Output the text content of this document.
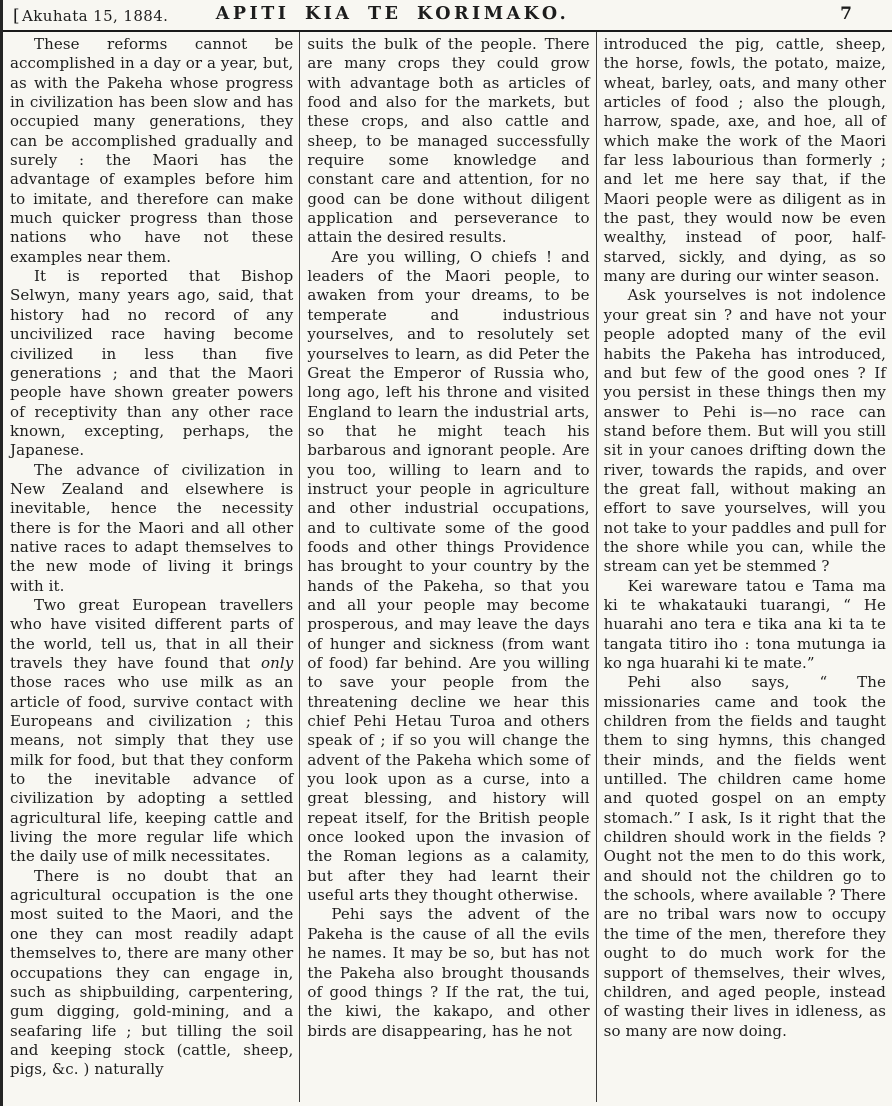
[ Akuhata 15, 1884.	APITI KIA TE KORIMAKO.	7

These reforms cannot be accomplished in a day or a year, but, as with the Pakeha whose progress in civilization has been slow and has occupied many generations, they can be accomplished gradually and surely : the Maori has the advantage of examples before him to imitate, and therefore can make much quicker progress than those nations who have not these examples near them.

It is reported that Bishop Selwyn, many years ago, said, that history had no record of any uncivilized race having become civilized in less than five generations ; and that the Maori people have shown greater powers of receptivity than any other race known, excepting, perhaps, the Japanese.

The advance of civilization in New Zealand and elsewhere is inevitable, hence the necessity there is for the Maori and all other native races to adapt themselves to the new mode of living it brings with it.

Two great European travellers who have visited different parts of the world, tell us, that in all their travels they have found that only those races who use milk as an article of food, survive contact with Europeans and civilization ; this means, not simply that they use milk for food, but that they conform to the inevitable advance of civilization by adopting a settled agricultural life, keeping cattle and living the more regular life which the daily use of milk necessitates.

There is no doubt that an agricultural occupation is the one most suited to the Maori, and the one they can most readily adapt themselves to, there are many other occupations they can engage in, such as shipbuilding, carpentering, gum digging, gold-mining, and a seafaring life ; but tilling the soil and keeping stock (cattle, sheep, pigs, &c. ) naturally

suits the bulk of the people. There are many crops they could grow with advantage both as articles of food and also for the markets, but these crops, and also cattle and sheep, to be managed successfully require some knowledge and constant care and attention, for no good can be done without diligent application and perseverance to attain the desired results.

Are you willing, O chiefs ! and leaders of the Maori people, to awaken from your dreams, to be temperate and industrious yourselves, and to resolutely set yourselves to learn, as did Peter the Great the Emperor of Russia who, long ago, left his throne and visited England to learn the industrial arts, so that he might teach his barbarous and ignorant people. Are you too, willing to learn and to instruct your people in agriculture and other industrial occupations, and to cultivate some of the good foods and other things Providence has brought to your country by the hands of the Pakeha, so that you and all your people may become prosperous, and may leave the days of hunger and sickness (from want of food) far behind. Are you willing to save your people from the threatening decline we hear this chief Pehi Hetau Turoa and others speak of ; if so you will change the advent of the Pakeha which some of you look upon as a curse, into a great blessing, and history will repeat itself, for the British people once looked upon the invasion of the Roman legions as a calamity, but after they had learnt their useful arts they thought otherwise.

Pehi says the advent of the Pakeha is the cause of all the evils he names. It may be so, but has not the Pakeha also brought thousands of good things ? If the rat, the tui, the kiwi, the kakapo, and other birds are disappearing, has he not

introduced the pig, cattle, sheep, the horse, fowls, the potato, maize, wheat, barley, oats, and many other articles of food ; also the plough, harrow, spade, axe, and hoe, all of which make the work of the Maori far less labourious than formerly ; and let me here say that, if the Maori people were as diligent as in the past, they would now be even wealthy, instead of poor, half-starved, sickly, and dying, as so many are during our winter season.

Ask yourselves is not indolence your great sin ? and have not your people adopted many of the evil habits the Pakeha has introduced, and but few of the good ones ? If you persist in these things then my answer to Pehi is—no race can stand before them. But will you still sit in your canoes drifting down the river, towards the rapids, and over the great fall, without making an effort to save yourselves, will you not take to your paddles and pull for the shore while you can, while the stream can yet be stemmed ?

Kei wareware tatou e Tama ma ki te whakatauki tuarangi, “ He huarahi ano tera e tika ana ki ta te tangata titiro iho : tona mutunga ia ko nga huarahi ki te mate.”

Pehi also says, “ The missionaries came and took the children from the fields and taught them to sing hymns, this changed their minds, and the fields went untilled. The children came home and quoted gospel on an empty stomach.” I ask, Is it right that the children should work in the fields ? Ought not the men to do this work, and should not the children go to the schools, where available ? There are no tribal wars now to occupy the time of the men, therefore they ought to do much work for the support of themselves, their wlves, children, and aged people, instead of wasting their lives in idleness, as so many are now doing.
